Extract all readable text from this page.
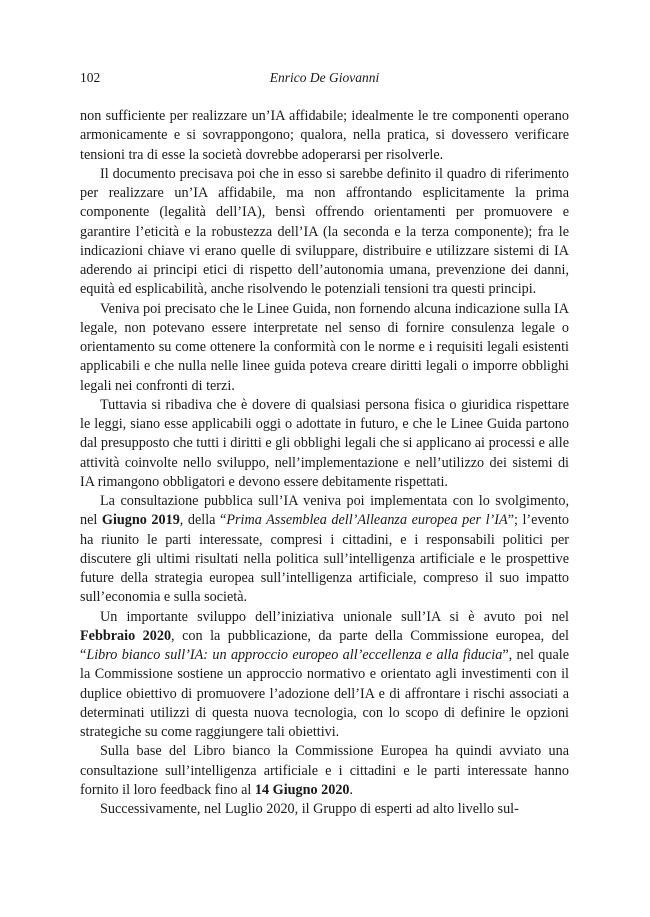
102	Enrico De Giovanni

non sufficiente per realizzare un’IA affidabile; idealmente le tre componenti operano armonicamente e si sovrappongono; qualora, nella pratica, si dovessero verificare tensioni tra di esse la società dovrebbe adoperarsi per risolverle.

Il documento precisava poi che in esso si sarebbe definito il quadro di riferimento per realizzare un’IA affidabile, ma non affrontando esplicitamente la prima componente (legalità dell’IA), bensì offrendo orientamenti per promuovere e garantire l’eticità e la robustezza dell’IA (la seconda e la terza componente); fra le indicazioni chiave vi erano quelle di sviluppare, distribuire e utilizzare sistemi di IA aderendo ai principi etici di rispetto dell’autonomia umana, prevenzione dei danni, equità ed esplicabilità, anche risolvendo le potenziali tensioni tra questi principi.

Veniva poi precisato che le Linee Guida, non fornendo alcuna indicazione sulla IA legale, non potevano essere interpretate nel senso di fornire consulenza legale o orientamento su come ottenere la conformità con le norme e i requisiti legali esistenti applicabili e che nulla nelle linee guida poteva creare diritti legali o imporre obblighi legali nei confronti di terzi.

Tuttavia si ribadiva che è dovere di qualsiasi persona fisica o giuridica rispettare le leggi, siano esse applicabili oggi o adottate in futuro, e che le Linee Guida partono dal presupposto che tutti i diritti e gli obblighi legali che si applicano ai processi e alle attività coinvolte nello sviluppo, nell’implementazione e nell’utilizzo dei sistemi di IA rimangono obbligatori e devono essere debitamente rispettati.

La consultazione pubblica sull’IA veniva poi implementata con lo svolgimento, nel Giugno 2019, della “Prima Assemblea dell’Alleanza europea per l’IA”; l’evento ha riunito le parti interessate, compresi i cittadini, e i responsabili politici per discutere gli ultimi risultati nella politica sull’intelligenza artificiale e le prospettive future della strategia europea sull’intelligenza artificiale, compreso il suo impatto sull’economia e sulla società.

Un importante sviluppo dell’iniziativa unionale sull’IA si è avuto poi nel Febbraio 2020, con la pubblicazione, da parte della Commissione europea, del “Libro bianco sull’IA: un approccio europeo all’eccellenza e alla fiducia”, nel quale la Commissione sostiene un approccio normativo e orientato agli investimenti con il duplice obiettivo di promuovere l’adozione dell’IA e di affrontare i rischi associati a determinati utilizzi di questa nuova tecnologia, con lo scopo di definire le opzioni strategiche su come raggiungere tali obiettivi.

Sulla base del Libro bianco la Commissione Europea ha quindi avviato una consultazione sull’intelligenza artificiale e i cittadini e le parti interessate hanno fornito il loro feedback fino al 14 Giugno 2020.

Successivamente, nel Luglio 2020, il Gruppo di esperti ad alto livello sul-
